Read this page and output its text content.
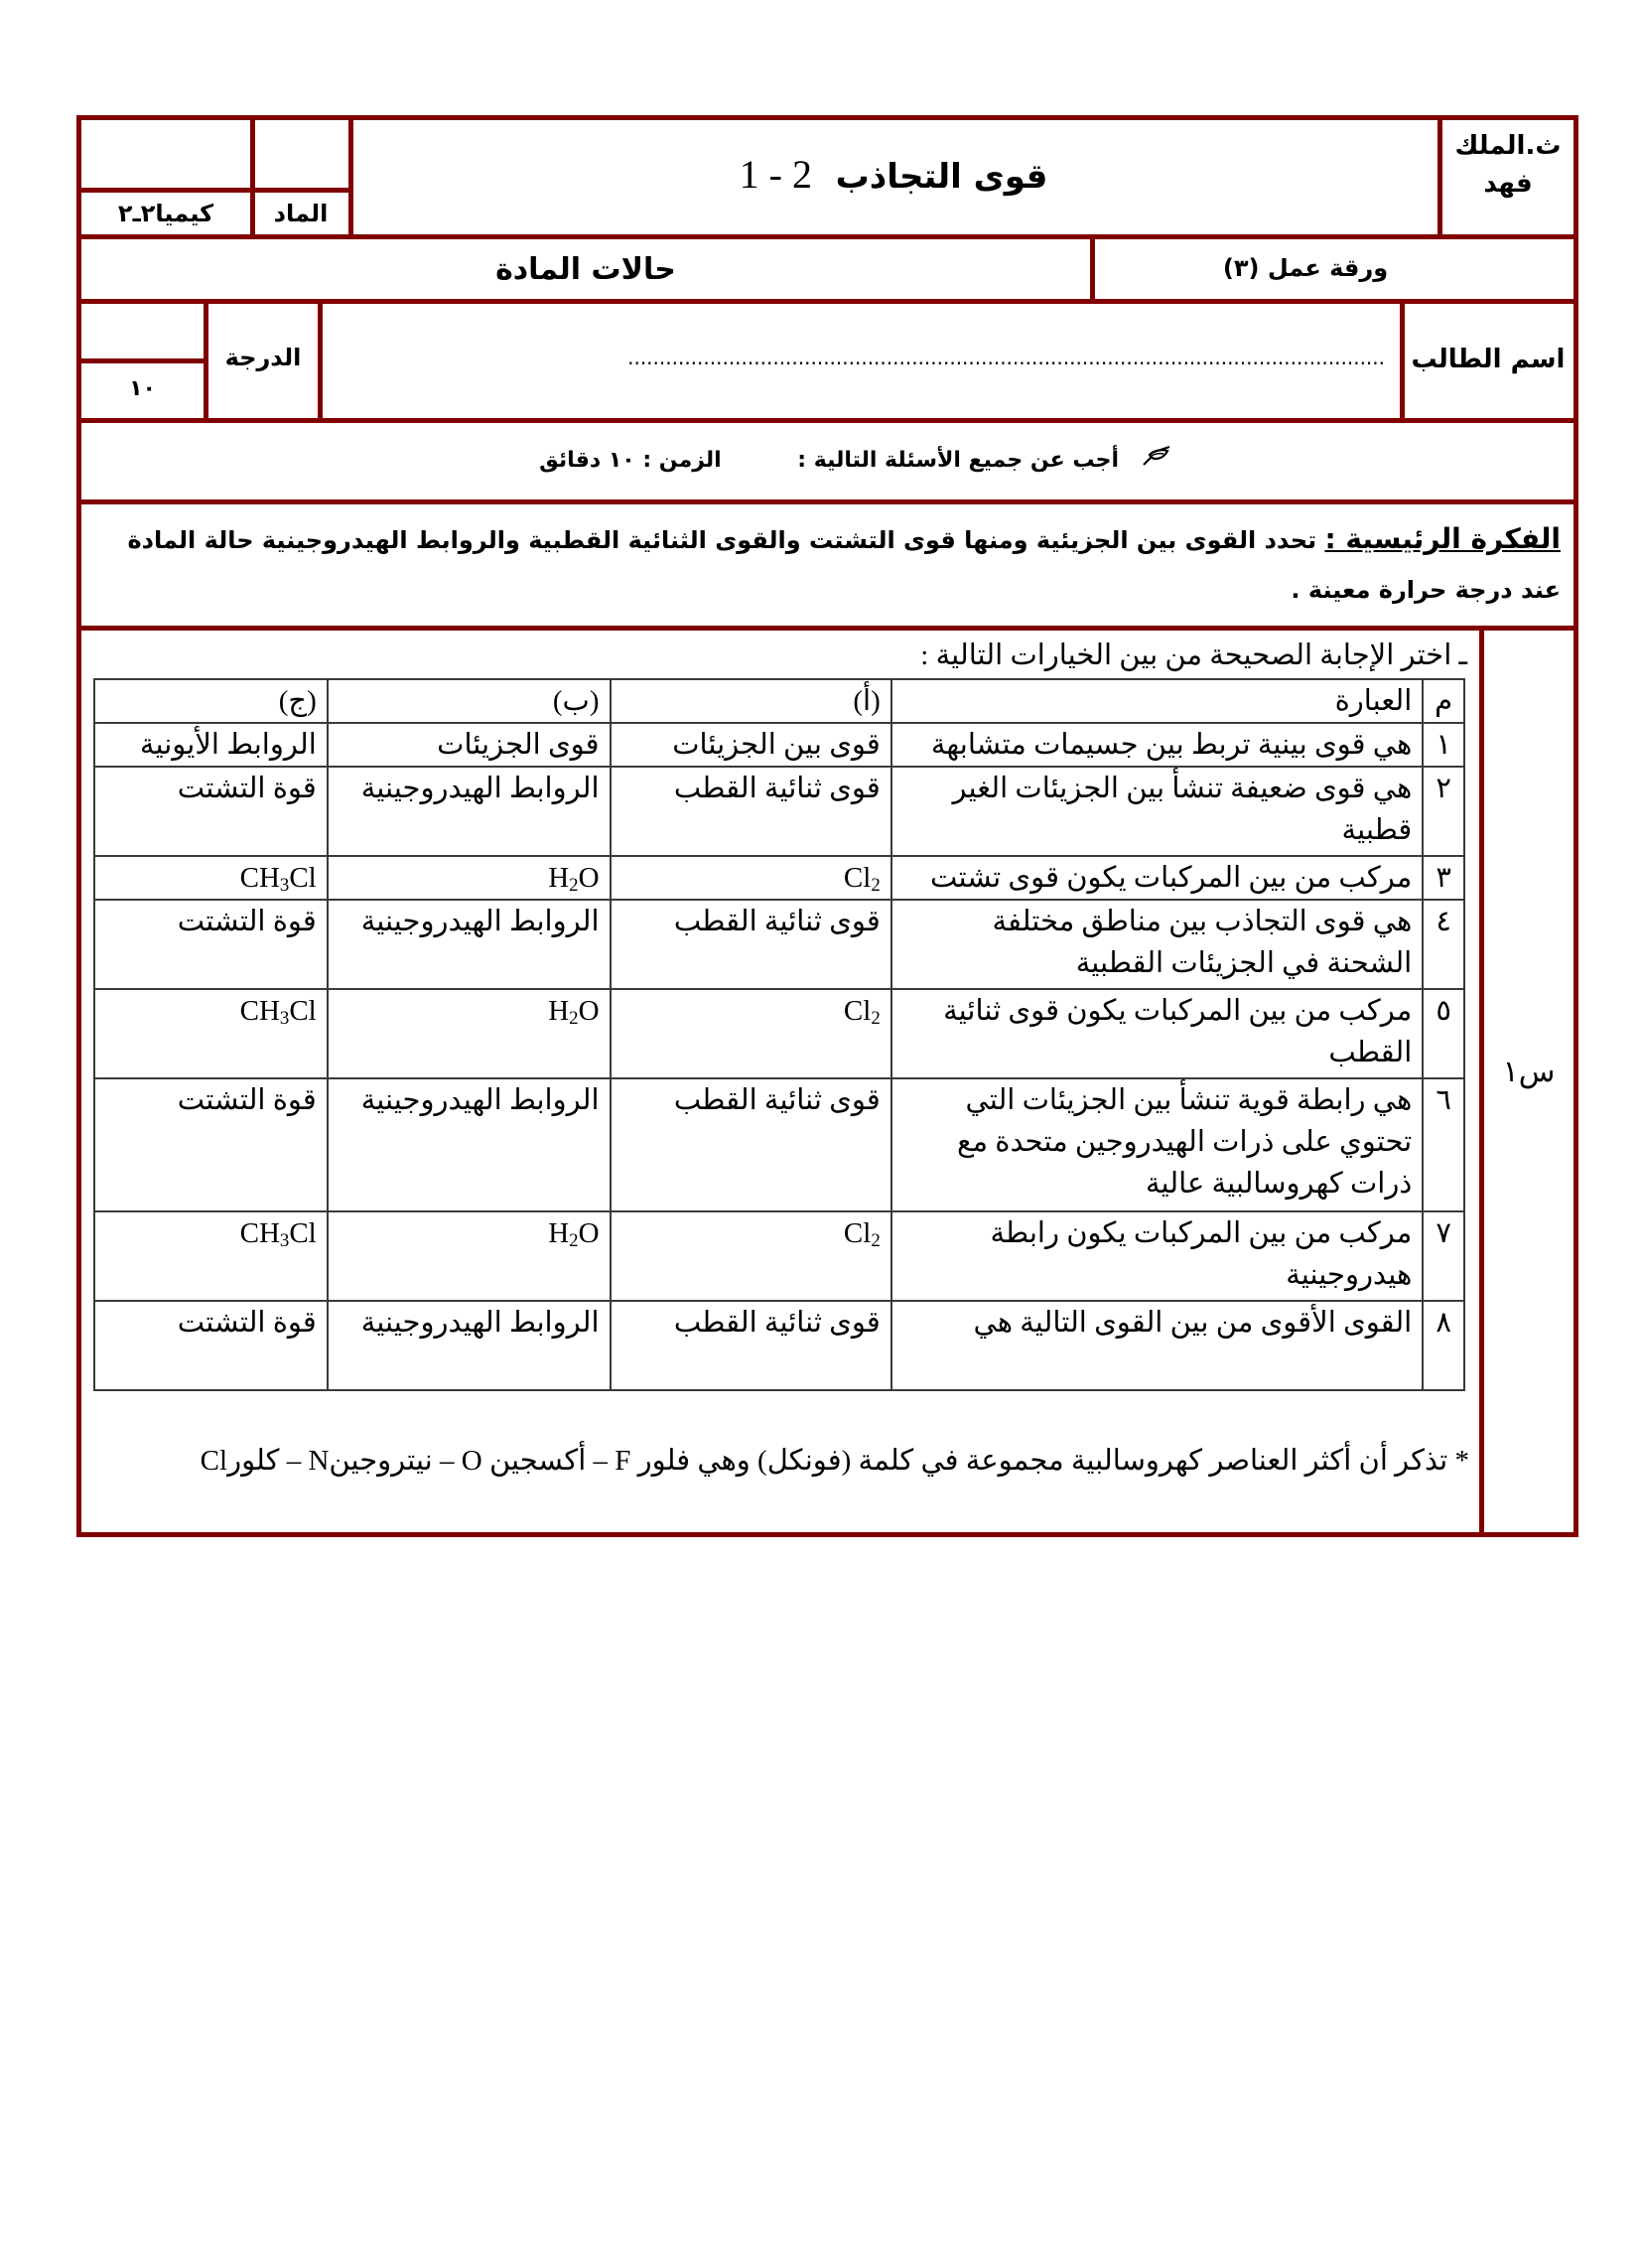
ث.الملك فهد
قوى التجاذب  2 - 1
الماد
كيميا٢ـ٢
ورقة عمل (٣)
حالات المادة
اسم الطالب
........................................................................................................................
الدرجة
١٠
أجب عن جميع الأسئلة التالية :          الزمن : ١٠ دقائق
الفكرة الرئيسية : تحدد القوى بين الجزيئية ومنها قوى التشتت والقوى الثنائية القطبية والروابط الهيدروجينية حالة المادة عند درجة حرارة معينة .
س١
ـ اختر الإجابة الصحيحة من بين الخيارات التالية :
م	العبارة	(أ)	(ب)	(ج)
١	هي قوى بينية تربط بين جسيمات متشابهة	قوى بين الجزيئات	قوى الجزيئات	الروابط الأيونية
٢	هي قوى ضعيفة تنشأ بين الجزيئات الغير قطبية	قوى ثنائية القطب	الروابط الهيدروجينية	قوة التشتت
٣	مركب من بين المركبات يكون قوى تشتت	$Cl_2$	$H_2O$	$CH_3Cl$
٤	هي قوى التجاذب بين مناطق مختلفة الشحنة في الجزيئات القطبية	قوى ثنائية القطب	الروابط الهيدروجينية	قوة التشتت
٥	مركب من بين المركبات يكون قوى ثنائية القطب	$Cl_2$	$H_2O$	$CH_3Cl$
٦	هي رابطة قوية تنشأ بين الجزيئات التي تحتوي على ذرات الهيدروجين متحدة مع ذرات كهروسالبية عالية	قوى ثنائية القطب	الروابط الهيدروجينية	قوة التشتت
٧	مركب من بين المركبات يكون رابطة هيدروجينية	$Cl_2$	$H_2O$	$CH_3Cl$
٨	القوى الأقوى من بين القوى التالية هي	قوى ثنائية القطب	الروابط الهيدروجينية	قوة التشتت
* تذكر أن أكثر العناصر كهروسالبية مجموعة في كلمة (فونكل) وهي فلور F – أكسجين O – نيتروجينN – كلورCl
